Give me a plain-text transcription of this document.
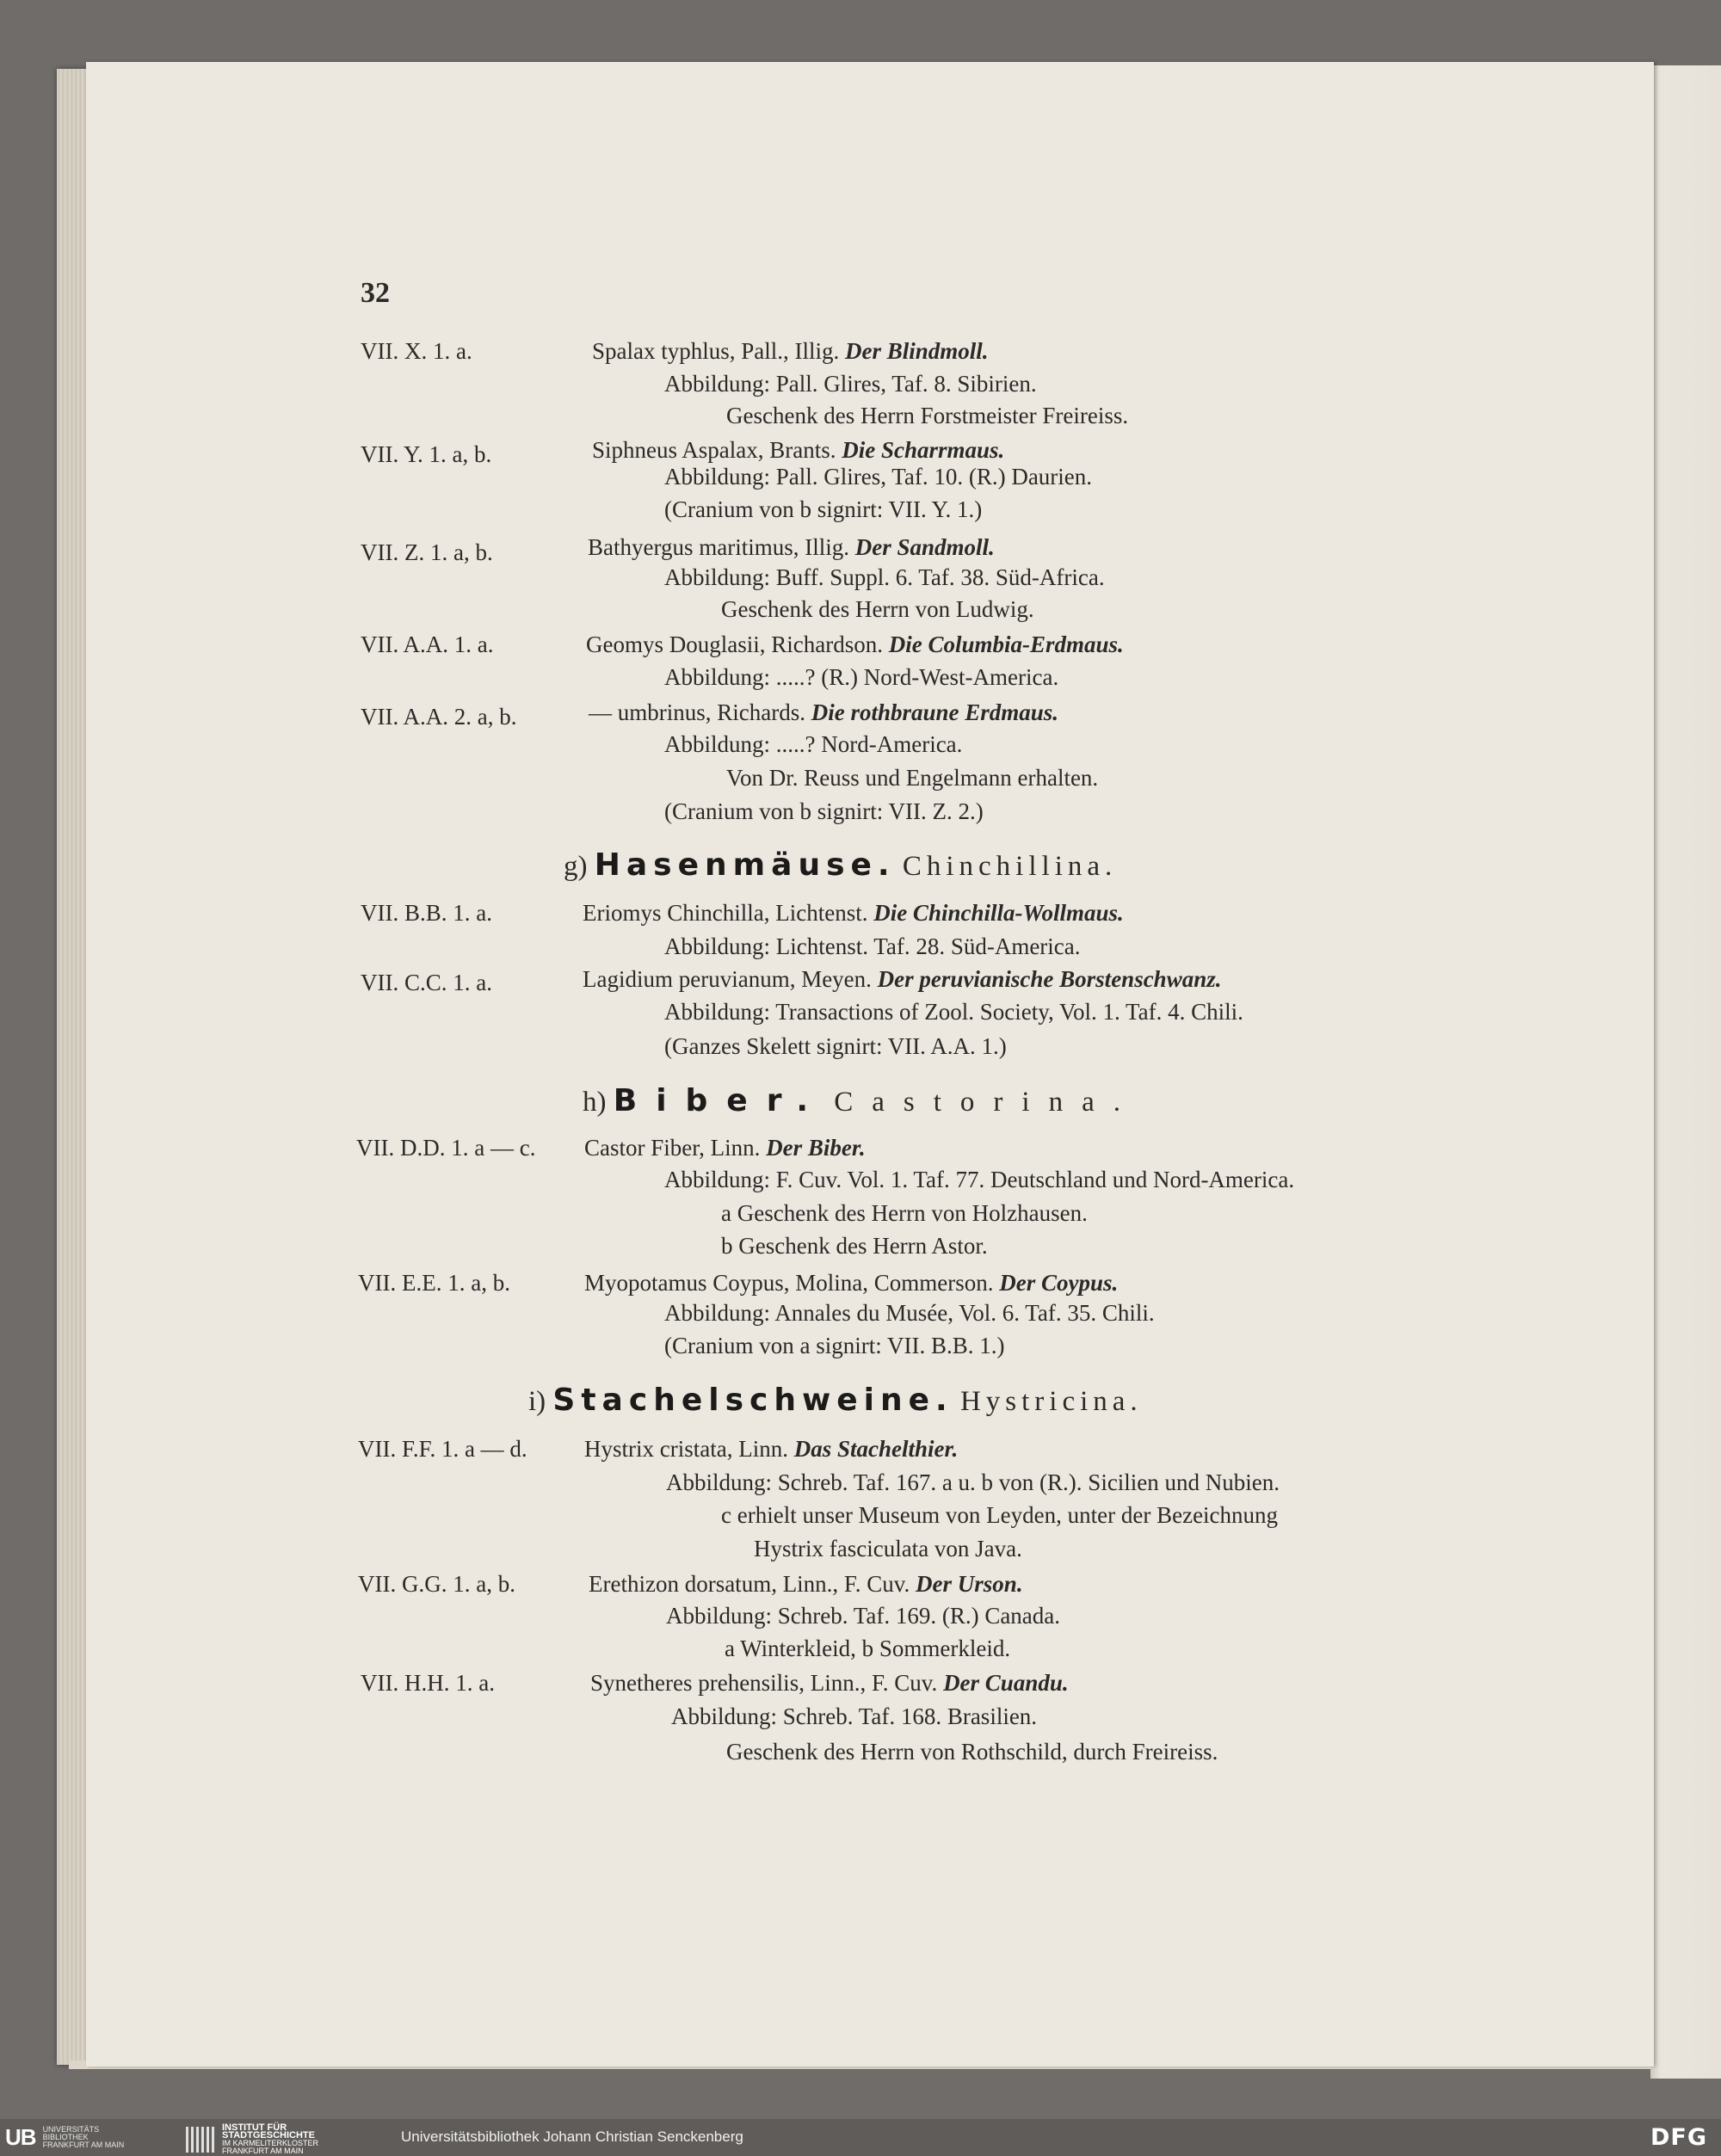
32
VII. X. 1. a.	Spalax typhlus, Pall., Illig. Der Blindmoll.
Abbildung: Pall. Glires, Taf. 8. Sibirien.
Geschenk des Herrn Forstmeister Freireiss.
VII. Y. 1. a, b.	Siphneus Aspalax, Brants. Die Scharrmaus.
Abbildung: Pall. Glires, Taf. 10. (R.) Daurien.
(Cranium von b signirt: VII. Y. 1.)
VII. Z. 1. a, b.	Bathyergus maritimus, Illig. Der Sandmoll.
Abbildung: Buff. Suppl. 6. Taf. 38. Süd-Africa.
Geschenk des Herrn von Ludwig.
VII. A.A. 1. a.	Geomys Douglasii, Richardson. Die Columbia-Erdmaus.
Abbildung: .....? (R.) Nord-West-America.
VII. A.A. 2. a, b.	— umbrinus, Richards. Die rothbraune Erdmaus.
Abbildung: .....? Nord-America.
Von Dr. Reuss und Engelmann erhalten.
(Cranium von b signirt: VII. Z. 2.)
g) Hasenmäuse. Chinchillina.
VII. B.B. 1. a.	Eriomys Chinchilla, Lichtenst. Die Chinchilla-Wollmaus.
Abbildung: Lichtenst. Taf. 28. Süd-America.
VII. C.C. 1. a.	Lagidium peruvianum, Meyen. Der peruvianische Borstenschwanz.
Abbildung: Transactions of Zool. Society, Vol. 1. Taf. 4. Chili.
(Ganzes Skelett signirt: VII. A.A. 1.)
h) Biber. Castorina.
VII. D.D. 1. a — c. Castor Fiber, Linn. Der Biber.
Abbildung: F. Cuv. Vol. 1. Taf. 77. Deutschland und Nord-America.
a Geschenk des Herrn von Holzhausen.
b Geschenk des Herrn Astor.
VII. E.E. 1. a, b.	Myopotamus Coypus, Molina, Commerson. Der Coypus.
Abbildung: Annales du Musée, Vol. 6. Taf. 35. Chili.
(Cranium von a signirt: VII. B.B. 1.)
i) Stachelschweine. Hystricina.
VII. F.F. 1. a — d. Hystrix cristata, Linn. Das Stachelthier.
Abbildung: Schreb. Taf. 167. a u. b von (R.). Sicilien und Nubien.
c erhielt unser Museum von Leyden, unter der Bezeichnung
Hystrix fasciculata von Java.
VII. G.G. 1. a, b.	Erethizon dorsatum, Linn., F. Cuv. Der Urson.
Abbildung: Schreb. Taf. 169. (R.) Canada.
a Winterkleid, b Sommerkleid.
VII. H.H. 1. a.	Synetheres prehensilis, Linn., F. Cuv. Der Cuandu.
Abbildung: Schreb. Taf. 168. Brasilien.
Geschenk des Herrn von Rothschild, durch Freireiss.
UB UNIVERSITÄTS
BIBLIOTHEK
FRANKFURT AM MAIN
INSTITUT FÜR
STADTGESCHICHTE
IM KARMELITERKLOSTER
FRANKFURT AM MAIN
Universitätsbibliothek Johann Christian Senckenberg	DFG
